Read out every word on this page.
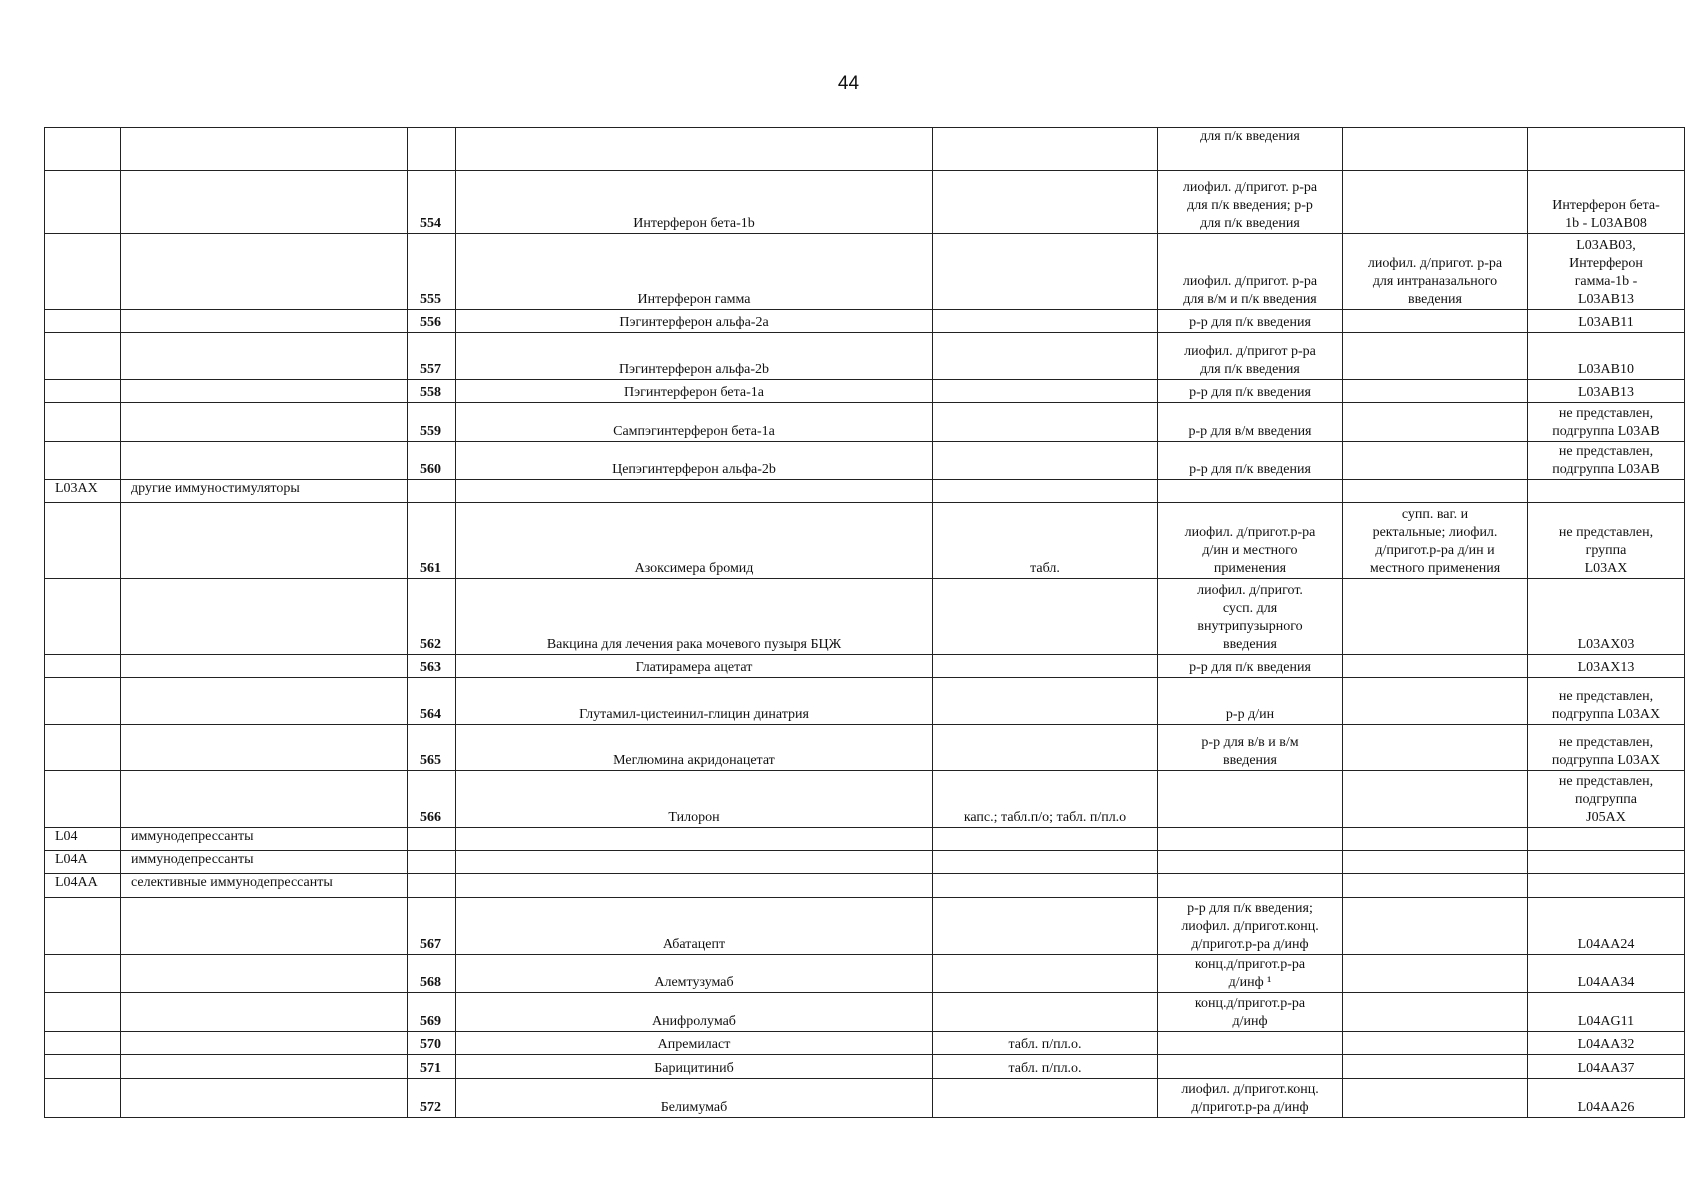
44
					для п/к введения		
		554	Интерферон бета-1b		лиофил. д/пригот. р-ра
для п/к введения; р-р
для п/к введения		Интерферон бета-
1b - L03AB08
		555	Интерферон гамма		лиофил. д/пригот. р-ра
для в/м и п/к введения	лиофил. д/пригот. р-ра
для интраназального
введения	L03AB03,
Интерферон
гамма-1b -
L03AB13
		556	Пэгинтерферон альфа-2a		р-р для п/к введения		L03AB11
		557	Пэгинтерферон альфа-2b		лиофил. д/пригот р-ра
для п/к введения		L03AB10
		558	Пэгинтерферон бета-1a		р-р для п/к введения		L03AB13
		559	Сампэгинтерферон бета-1a		р-р для в/м введения		не представлен,
подгруппа L03AB
		560	Цепэгинтерферон альфа-2b		р-р для п/к введения		не представлен,
подгруппа L03AB
L03AX	другие иммуностимуляторы						
		561	Азоксимера бромид	табл.	лиофил. д/пригот.р-ра
д/ин и местного
применения	супп. ваг. и
ректальные; лиофил.
д/пригот.р-ра д/ин и
местного применения	не представлен,
группа
L03AX
		562	Вакцина для лечения рака мочевого пузыря БЦЖ		лиофил. д/пригот.
сусп. для
внутрипузырного
введения		L03AX03
		563	Глатирамера ацетат		р-р для п/к введения		L03AX13
		564	Глутамил-цистеинил-глицин динатрия		р-р д/ин		не представлен,
подгруппа L03AX
		565	Меглюмина акридонацетат		р-р для в/в и в/м
введения		не представлен,
подгруппа L03AX
		566	Тилорон	капс.; табл.п/о; табл. п/пл.о			не представлен,
подгруппа
J05AX
L04	иммунодепрессанты						
L04A	иммунодепрессанты						
L04AA	селективные иммунодепрессанты						
		567	Абатацепт		р-р для п/к введения;
лиофил. д/пригот.конц.
д/пригот.р-ра д/инф		L04AA24
		568	Алемтузумаб		конц.д/пригот.р-ра
д/инф ¹		L04AA34
		569	Анифролумаб		конц.д/пригот.р-ра
д/инф		L04AG11
		570	Апремиласт	табл. п/пл.о.			L04AA32
		571	Барицитиниб	табл. п/пл.о.			L04AA37
		572	Белимумаб		лиофил. д/пригот.конц.
д/пригот.р-ра д/инф		L04AA26
